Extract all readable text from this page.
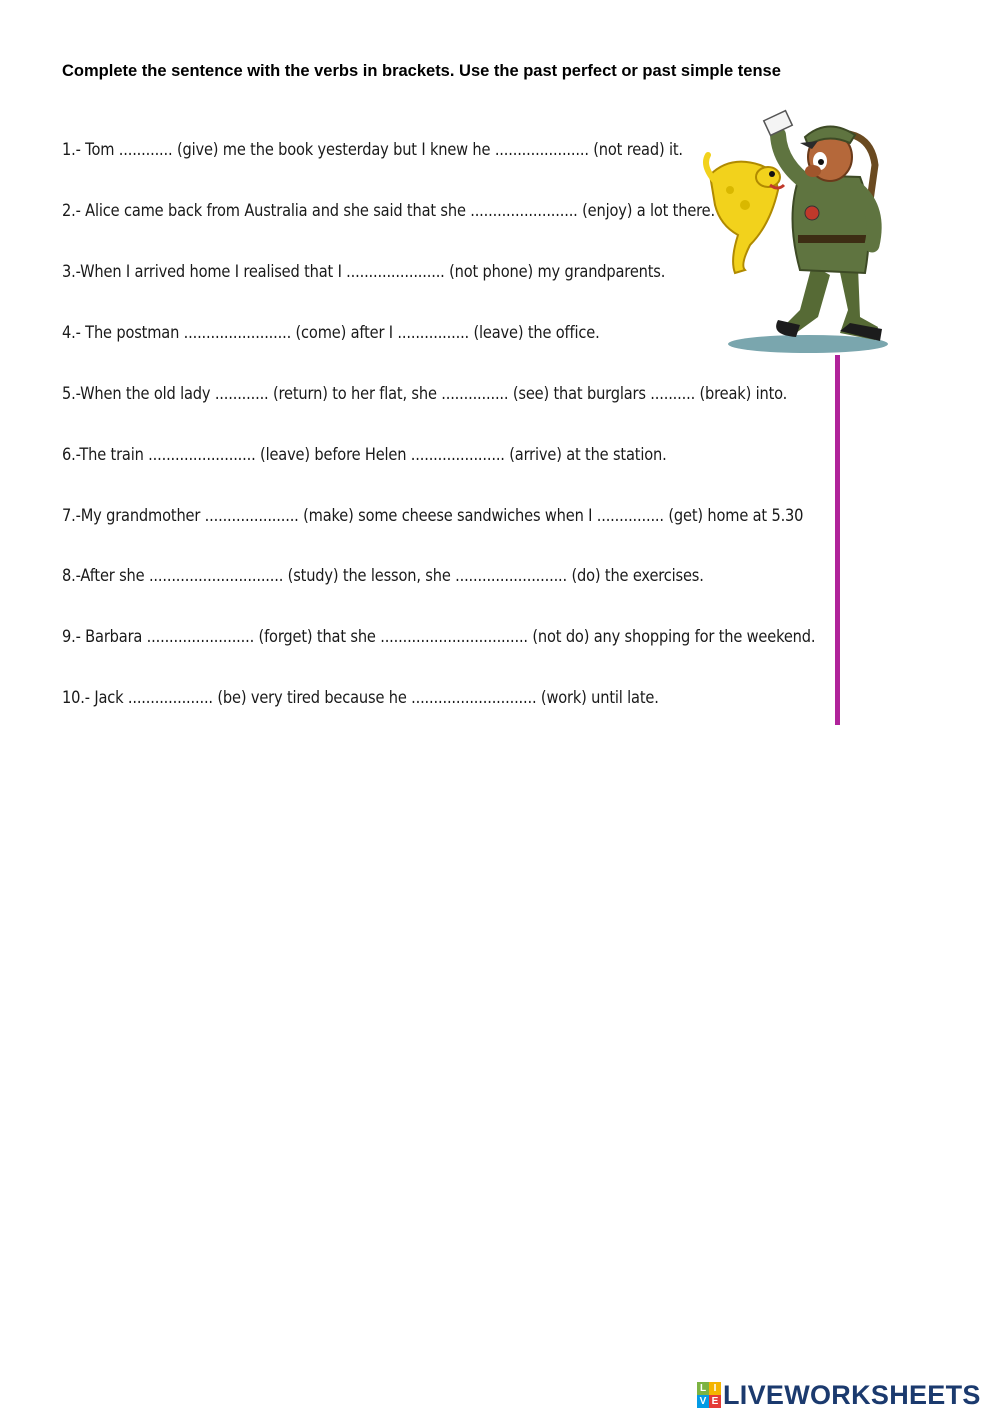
Complete the sentence with the verbs in brackets. Use the past perfect or past simple tense
1.- Tom ............ (give) me the book yesterday but I knew he ..................... (not read) it.
2.- Alice came back from Australia and she said that she ........................ (enjoy) a lot there.
3.-When I arrived home I realised that I ...................... (not phone) my grandparents.
4.- The postman ........................ (come) after I ................ (leave) the office.
5.-When the old lady ............ (return) to her flat, she ............... (see) that burglars .......... (break) into.
6.-The train ........................ (leave) before Helen ..................... (arrive) at the station.
7.-My grandmother ..................... (make) some cheese sandwiches when I ............... (get) home at 5.30
8.-After she .............................. (study) the lesson, she ......................... (do) the exercises.
9.- Barbara ........................ (forget) that she ................................. (not do) any shopping for the weekend.
10.- Jack ................... (be) very tired because he ............................ (work) until late.
L I
V E LIVEWORKSHEETS
